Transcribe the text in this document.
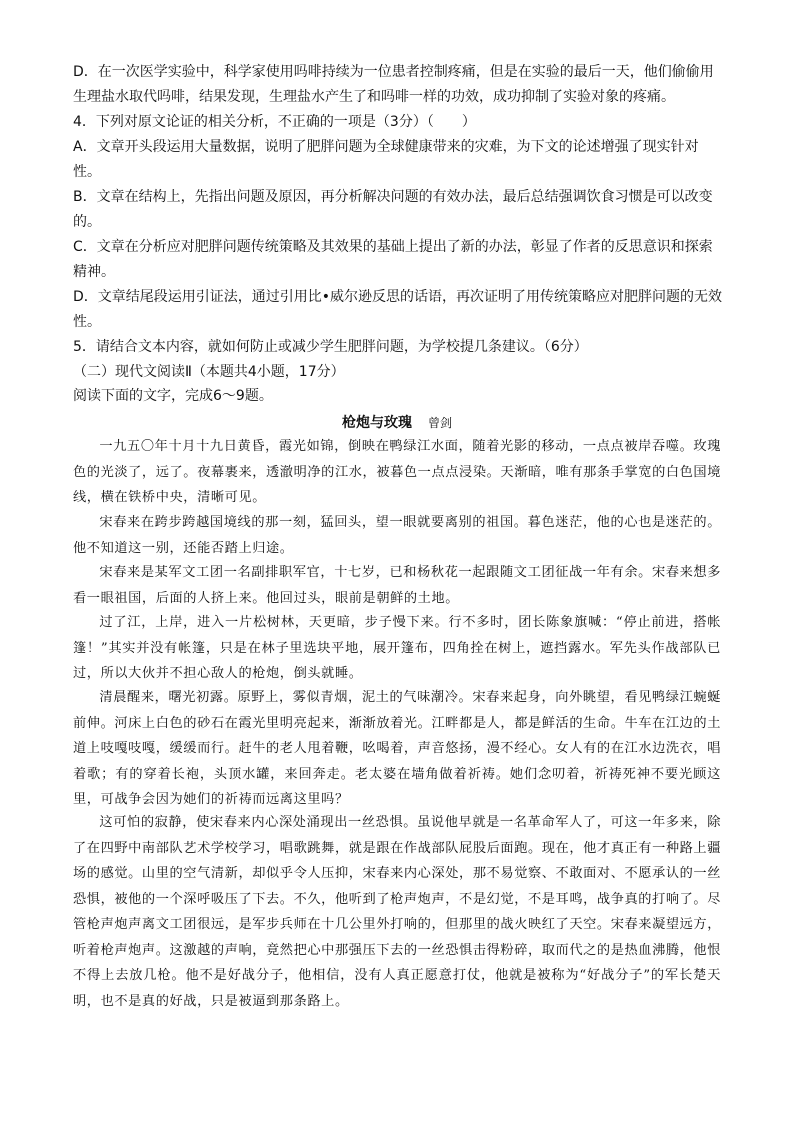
D．在一次医学实验中，科学家使用吗啡持续为一位患者控制疼痛，但是在实验的最后一天，他们偷偷用生理盐水取代吗啡，结果发现，生理盐水产生了和吗啡一样的功效，成功抑制了实验对象的疼痛。
4．下列对原文论证的相关分析，不正确的一项是（3分）（　　）
A．文章开头段运用大量数据，说明了肥胖问题为全球健康带来的灾难，为下文的论述增强了现实针对性。
B．文章在结构上，先指出问题及原因，再分析解决问题的有效办法，最后总结强调饮食习惯是可以改变的。
C．文章在分析应对肥胖问题传统策略及其效果的基础上提出了新的办法，彰显了作者的反思意识和探索精神。
D．文章结尾段运用引证法，通过引用比•威尔逊反思的话语，再次证明了用传统策略应对肥胖问题的无效性。
5．请结合文本内容，就如何防止或减少学生肥胖问题，为学校提几条建议。（6分）
（二）现代文阅读Ⅱ（本题共4小题，17分）
阅读下面的文字，完成6～9题。
枪炮与玫瑰 曾剑
一九五〇年十月十九日黄昏，霞光如锦，倒映在鸭绿江水面，随着光影的移动，一点点被岸吞噬。玫瑰色的光淡了，远了。夜幕裹来，透澈明净的江水，被暮色一点点浸染。天渐暗，唯有那条手掌宽的白色国境线，横在铁桥中央，清晰可见。
宋春来在跨步跨越国境线的那一刻，猛回头，望一眼就要离别的祖国。暮色迷茫，他的心也是迷茫的。他不知道这一别，还能否踏上归途。
宋春来是某军文工团一名副排职军官，十七岁，已和杨秋花一起跟随文工团征战一年有余。宋春来想多看一眼祖国，后面的人挤上来。他回过头，眼前是朝鲜的土地。
过了江，上岸，进入一片松树林，天更暗，步子慢下来。行不多时，团长陈象旗喊：“停止前进，搭帐篷！”其实并没有帐篷，只是在林子里选块平地，展开篷布，四角拴在树上，遮挡露水。军先头作战部队已过，所以大伙并不担心敌人的枪炮，倒头就睡。
清晨醒来，曙光初露。原野上，雾似青烟，泥土的气味潮冷。宋春来起身，向外眺望，看见鸭绿江蜿蜒前伸。河床上白色的砂石在霞光里明亮起来，渐渐放着光。江畔都是人，都是鲜活的生命。牛车在江边的土道上吱嘎吱嘎，缓缓而行。赶牛的老人甩着鞭，吆喝着，声音悠扬，漫不经心。女人有的在江水边洗衣，唱着歌；有的穿着长袍，头顶水罐，来回奔走。老太婆在墙角做着祈祷。她们念叨着，祈祷死神不要光顾这里，可战争会因为她们的祈祷而远离这里吗？
这可怕的寂静，使宋春来内心深处涌现出一丝恐惧。虽说他早就是一名革命军人了，可这一年多来，除了在四野中南部队艺术学校学习，唱歌跳舞，就是跟在作战部队屁股后面跑。现在，他才真正有一种路上疆场的感觉。山里的空气清新，却似乎令人压抑，宋春来内心深处，那不易觉察、不敢面对、不愿承认的一丝恐惧，被他的一个深呼吸压了下去。不久，他听到了枪声炮声，不是幻觉，不是耳鸣，战争真的打响了。尽管枪声炮声离文工团很远，是军步兵师在十几公里外打响的，但那里的战火映红了天空。宋春来凝望远方，听着枪声炮声。这激越的声响，竟然把心中那强压下去的一丝恐惧击得粉碎，取而代之的是热血沸腾，他恨不得上去放几枪。他不是好战分子，他相信，没有人真正愿意打仗，他就是被称为“好战分子”的军长楚天明，也不是真的好战，只是被逼到那条路上。
